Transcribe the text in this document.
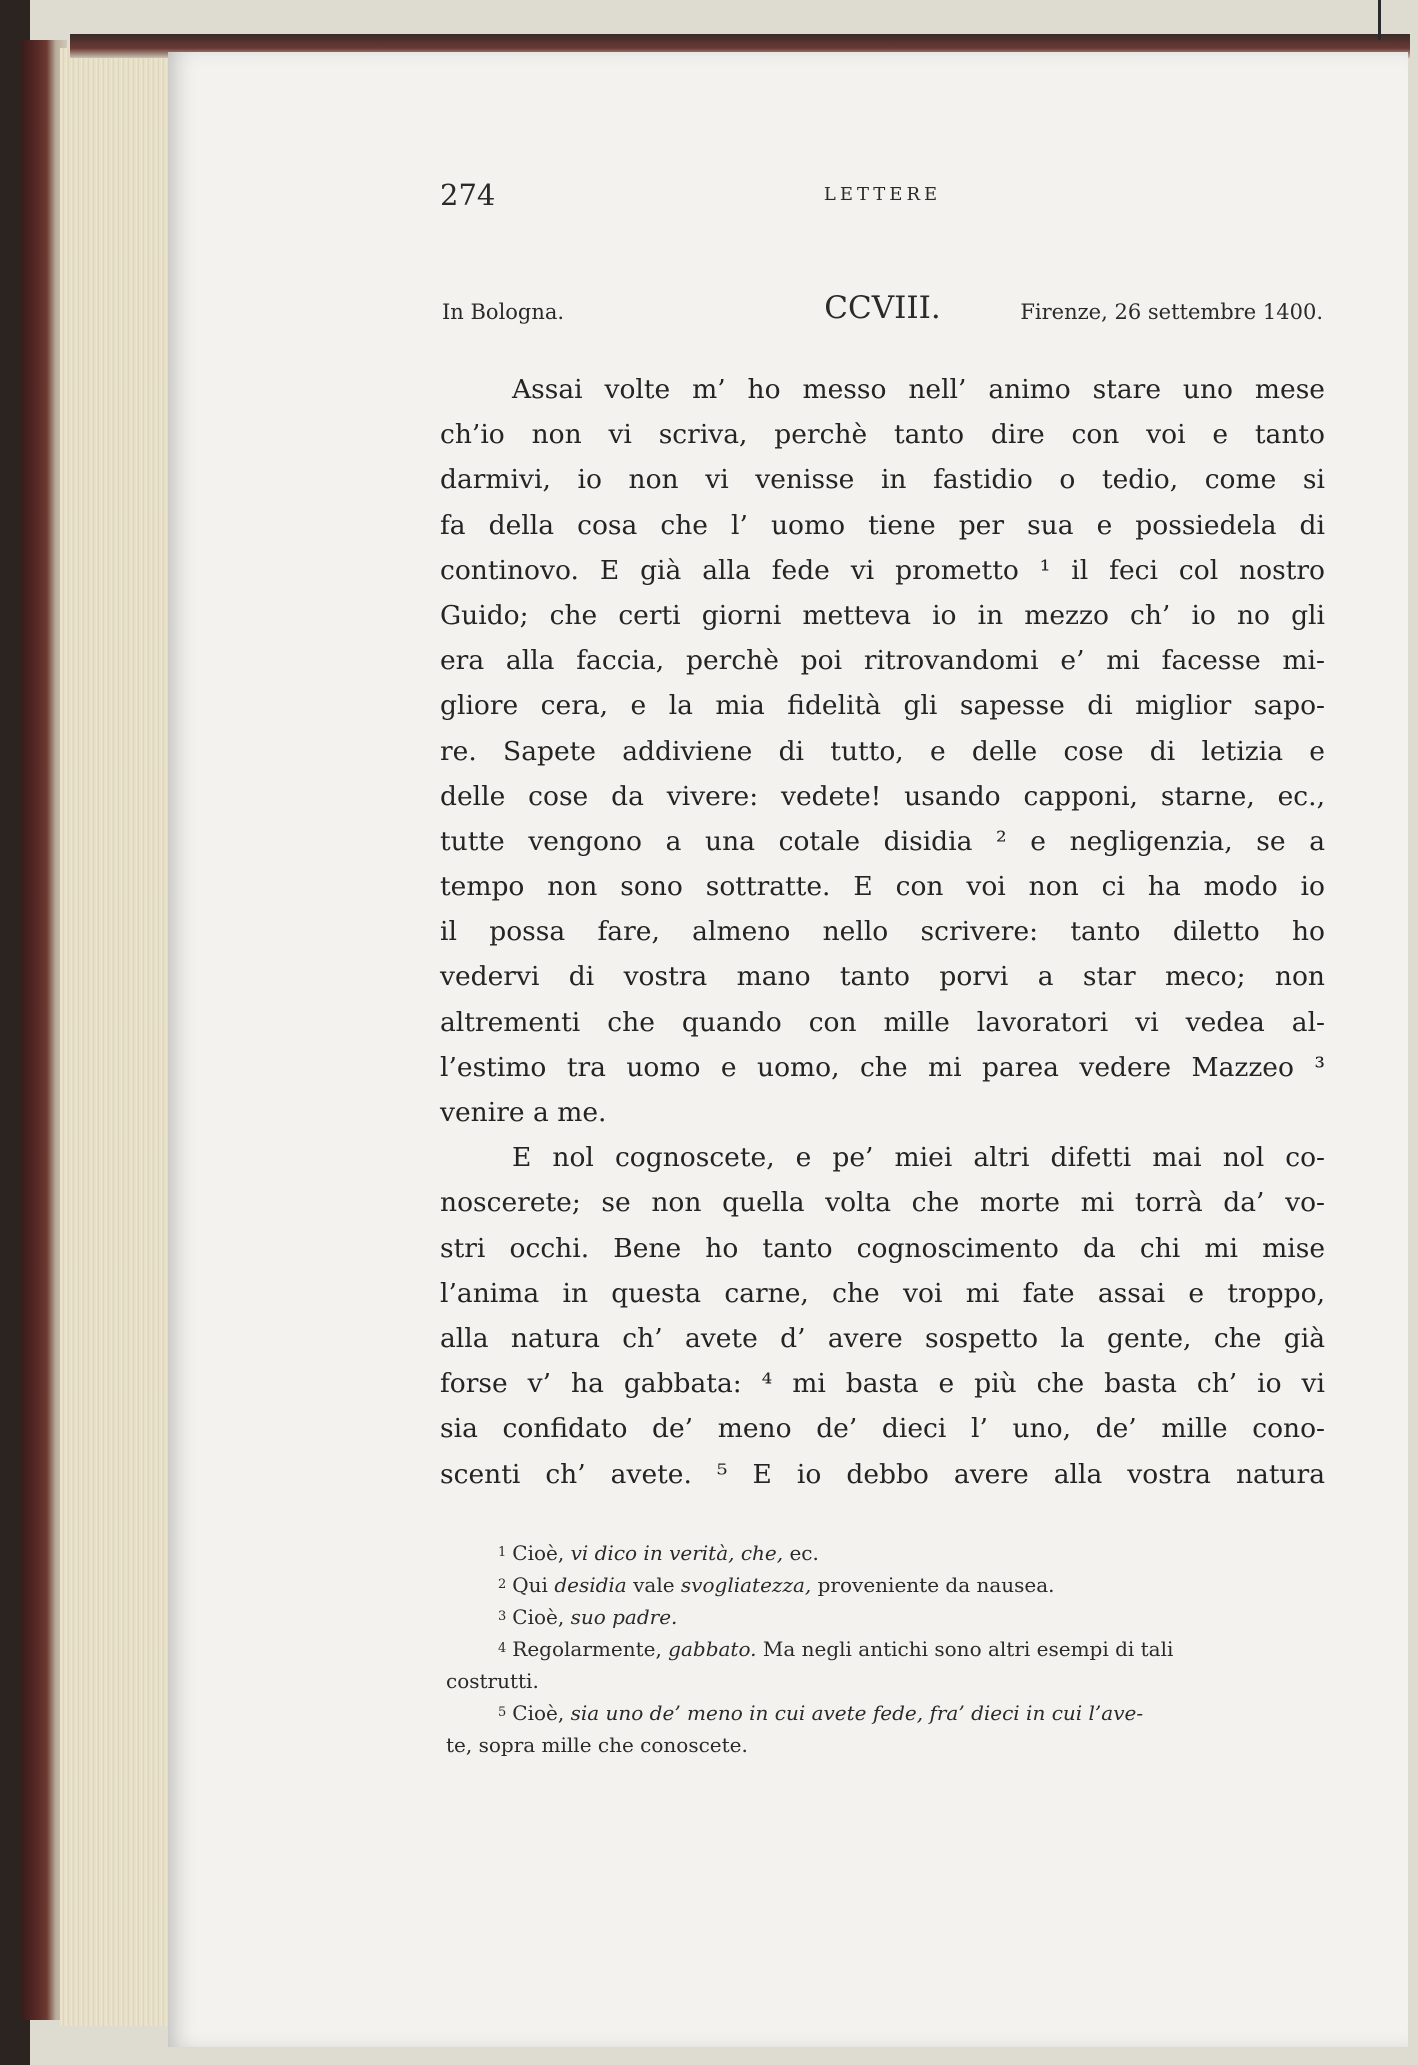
274	LETTERE
In Bologna.	CCVIII.	Firenze, 26 settembre 1400.
Assai volte m’ ho messo nell’ animo stare uno mese
ch’io non vi scriva, perchè tanto dire con voi e tanto
darmivi, io non vi venisse in fastidio o tedio, come si
fa della cosa che l’ uomo tiene per sua e possiedela di
continovo. E già alla fede vi prometto ¹ il feci col nostro
Guido; che certi giorni metteva io in mezzo ch’ io no gli
era alla faccia, perchè poi ritrovandomi e’ mi facesse mi-
gliore cera, e la mia fidelità gli sapesse di miglior sapo-
re. Sapete addiviene di tutto, e delle cose di letizia e
delle cose da vivere: vedete! usando capponi, starne, ec.,
tutte vengono a una cotale disidia ² e negligenzia, se a
tempo non sono sottratte. E con voi non ci ha modo io
il possa fare, almeno nello scrivere: tanto diletto ho
vedervi di vostra mano tanto porvi a star meco; non
altrementi che quando con mille lavoratori vi vedea al-
l’estimo tra uomo e uomo, che mi parea vedere Mazzeo ³
venire a me.
E nol cognoscete, e pe’ miei altri difetti mai nol co-
noscerete; se non quella volta che morte mi torrà da’ vo-
stri occhi. Bene ho tanto cognoscimento da chi mi mise
l’anima in questa carne, che voi mi fate assai e troppo,
alla natura ch’ avete d’ avere sospetto la gente, che già
forse v’ ha gabbata: ⁴ mi basta e più che basta ch’ io vi
sia confidato de’ meno de’ dieci l’ uno, de’ mille cono-
scenti ch’ avete. ⁵ E io debbo avere alla vostra natura
$^1$ Cioè, vi dico in verità, che, ec.
$^2$ Qui desidia vale svogliatezza, proveniente da nausea.
$^3$ Cioè, suo padre.
$^4$ Regolarmente, gabbato. Ma negli antichi sono altri esempi di tali
costrutti.
$^5$ Cioè, sia uno de’ meno in cui avete fede, fra’ dieci in cui l’ave-
te, sopra mille che conoscete.
